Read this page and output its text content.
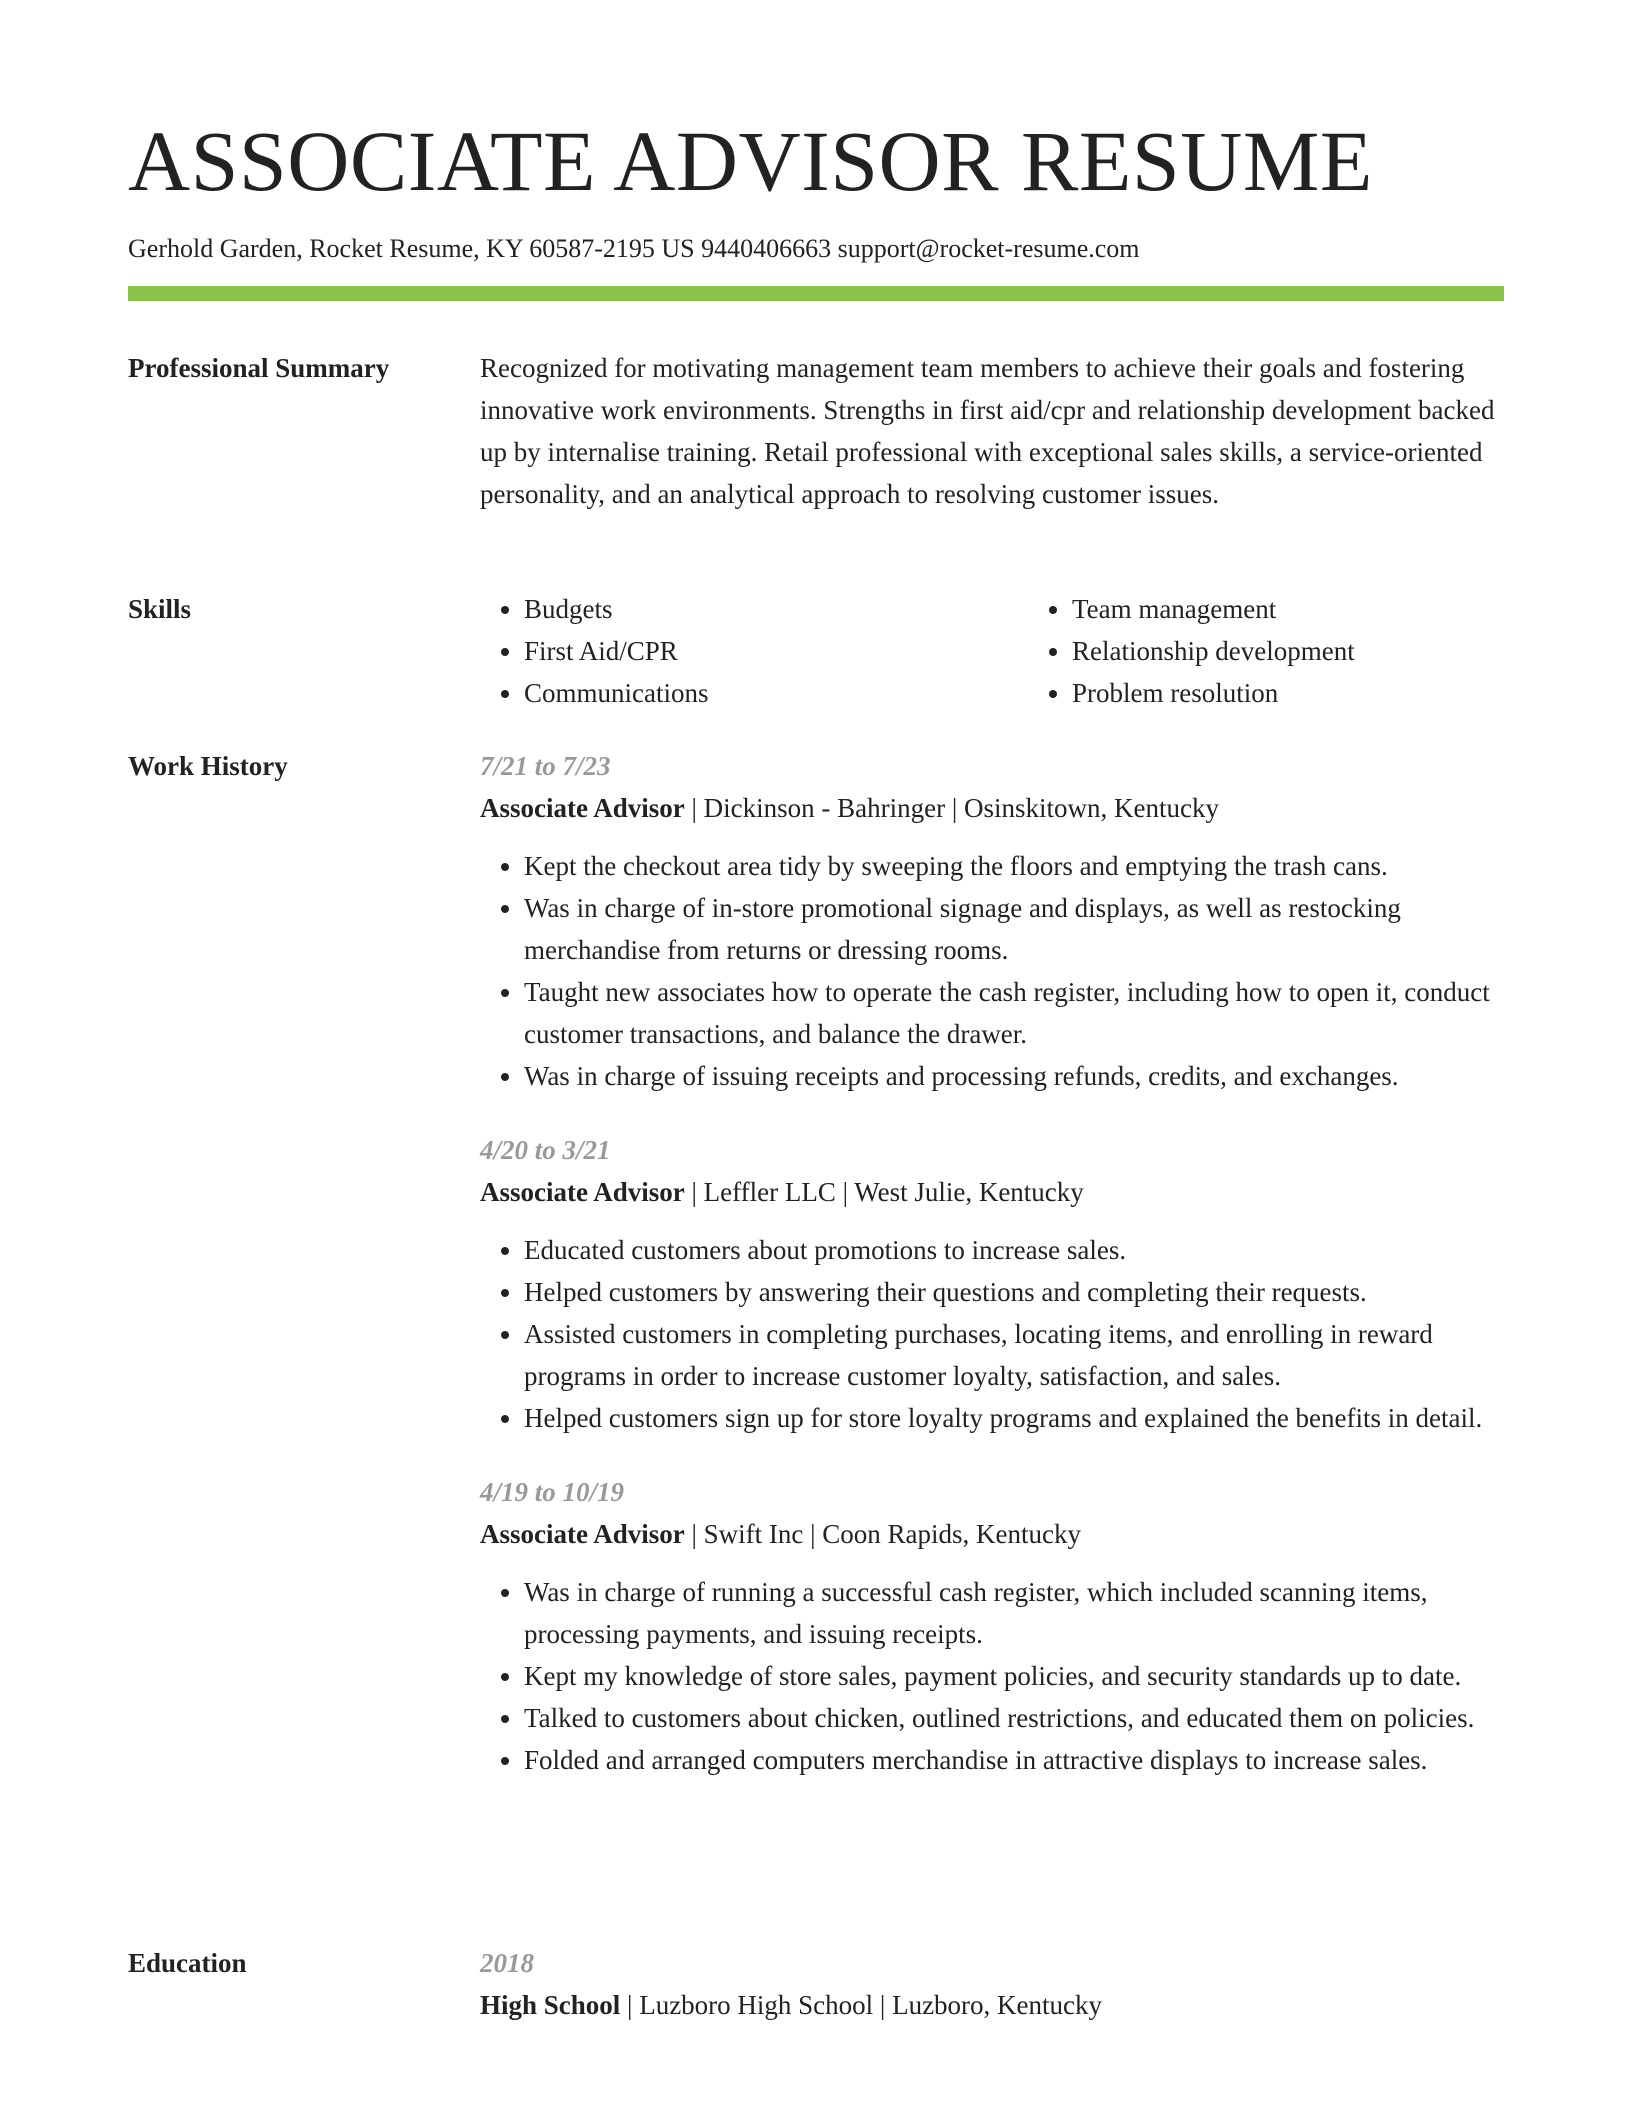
ASSOCIATE ADVISOR RESUME
Gerhold Garden, Rocket Resume, KY 60587-2195 US 9440406663 support@rocket-resume.com
Professional Summary	Recognized for motivating management team members to achieve their goals and fostering innovative work environments. Strengths in first aid/cpr and relationship development backed up by internalise training. Retail professional with exceptional sales skills, a service-oriented personality, and an analytical approach to resolving customer issues.

Skills
•	Budgets
• First Aid/CPR
• Communications
• Team management
• Relationship development
• Problem resolution
Work History	7/21 to 7/23
Associate Advisor | Dickinson - Bahringer | Osinskitown, Kentucky
• Kept the checkout area tidy by sweeping the floors and emptying the trash cans.
• Was in charge of in-store promotional signage and displays, as well as restocking merchandise from returns or dressing rooms.
• Taught new associates how to operate the cash register, including how to open it, conduct customer transactions, and balance the drawer.
• Was in charge of issuing receipts and processing refunds, credits, and exchanges.
4/20 to 3/21
Associate Advisor | Leffler LLC | West Julie, Kentucky
• Educated customers about promotions to increase sales.
• Helped customers by answering their questions and completing their requests.
• Assisted customers in completing purchases, locating items, and enrolling in reward programs in order to increase customer loyalty, satisfaction, and sales.
• Helped customers sign up for store loyalty programs and explained the benefits in detail.
4/19 to 10/19
Associate Advisor | Swift Inc | Coon Rapids, Kentucky
• Was in charge of running a successful cash register, which included scanning items, processing payments, and issuing receipts.
• Kept my knowledge of store sales, payment policies, and security standards up to date.
• Talked to customers about chicken, outlined restrictions, and educated them on policies.
• Folded and arranged computers merchandise in attractive displays to increase sales.
Education	2018
High School | Luzboro High School | Luzboro, Kentucky
